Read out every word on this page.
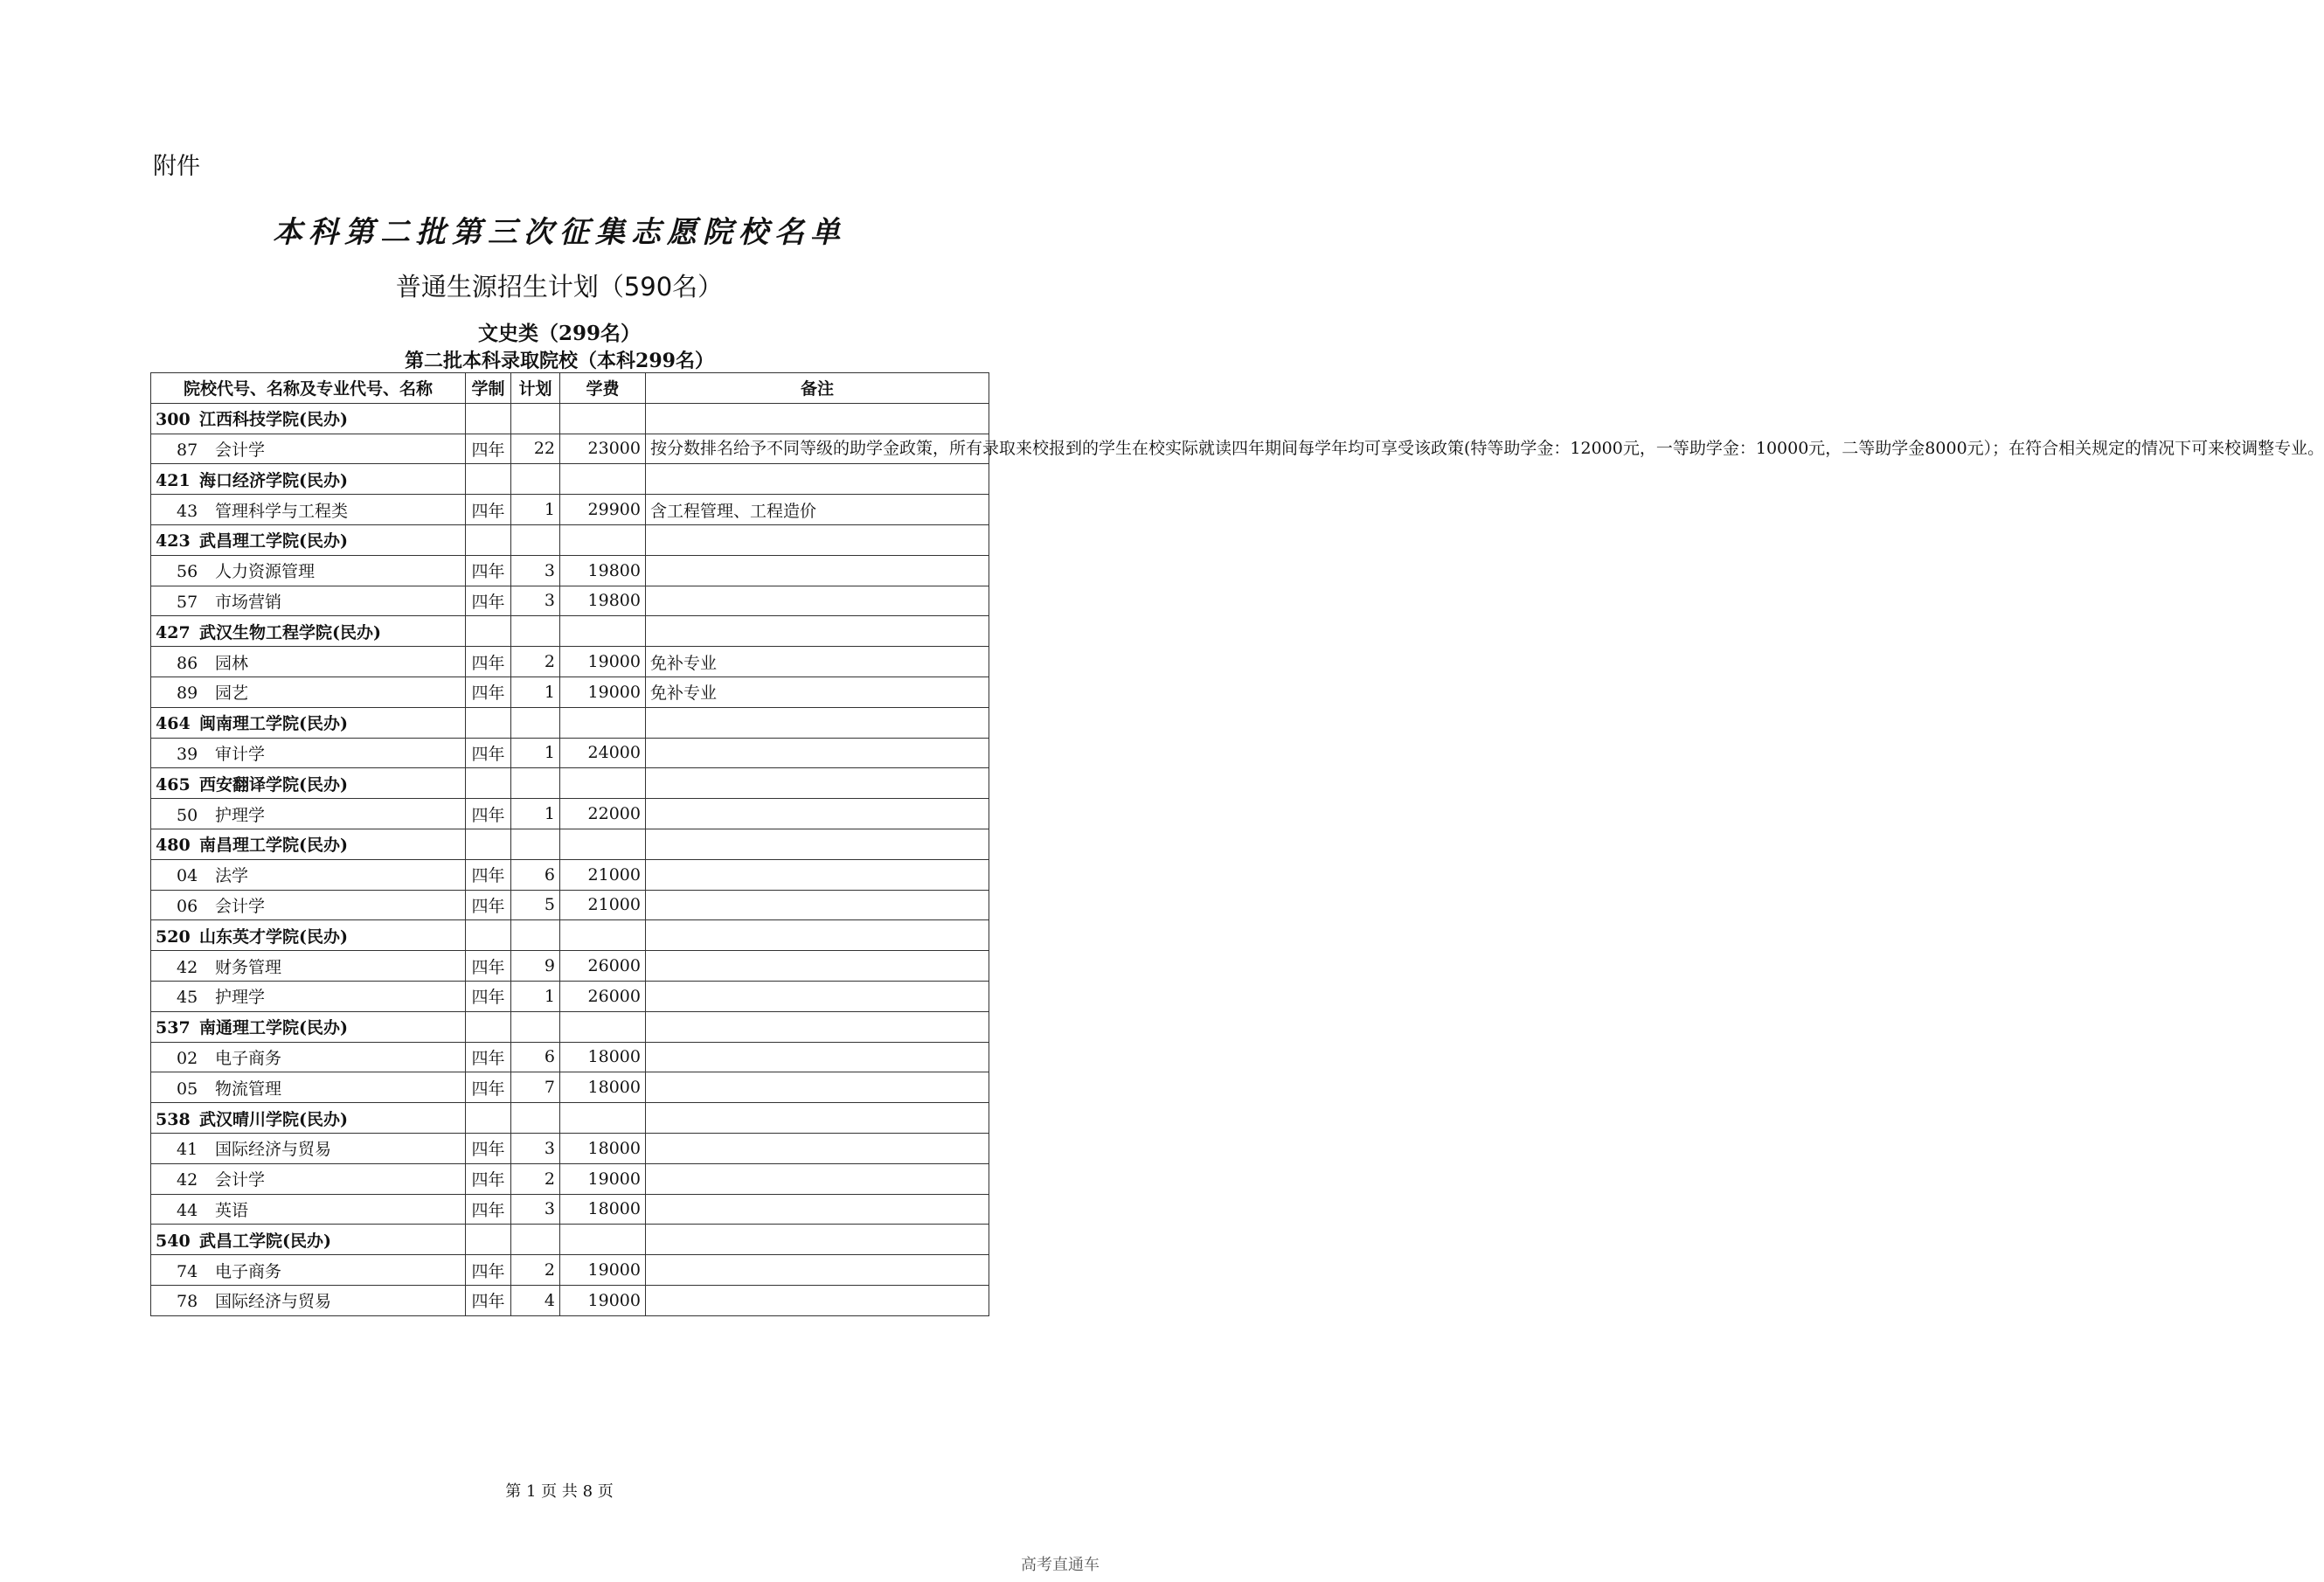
附件
本科第二批第三次征集志愿院校名单
普通生源招生计划（590名）
文史类（299名）
第二批本科录取院校（本科299名）
院校代号、名称及专业代号、名称	学制	计划	学费	备注
300 江西科技学院(民办)				
87 会计学	四年	22	23000	按分数排名给予不同等级的助学金政策，所有录取来校报到的学生在校实际就读四年期间每学年均可享受该政策(特等助学金：12000元，一等助学金：10000元，二等助学金8000元）；在符合相关规定的情况下可来校调整专业。
421 海口经济学院(民办)				
43 管理科学与工程类	四年	1	29900	含工程管理、工程造价
423 武昌理工学院(民办)				
56 人力资源管理	四年	3	19800	
57 市场营销	四年	3	19800	
427 武汉生物工程学院(民办)				
86 园林	四年	2	19000	免补专业
89 园艺	四年	1	19000	免补专业
464 闽南理工学院(民办)				
39 审计学	四年	1	24000	
465 西安翻译学院(民办)				
50 护理学	四年	1	22000	
480 南昌理工学院(民办)				
04 法学	四年	6	21000	
06 会计学	四年	5	21000	
520 山东英才学院(民办)				
42 财务管理	四年	9	26000	
45 护理学	四年	1	26000	
537 南通理工学院(民办)				
02 电子商务	四年	6	18000	
05 物流管理	四年	7	18000	
538 武汉晴川学院(民办)				
41 国际经济与贸易	四年	3	18000	
42 会计学	四年	2	19000	
44 英语	四年	3	18000	
540 武昌工学院(民办)				
74 电子商务	四年	2	19000	
78 国际经济与贸易	四年	4	19000	
第 1 页 共 8 页
高考直通车
